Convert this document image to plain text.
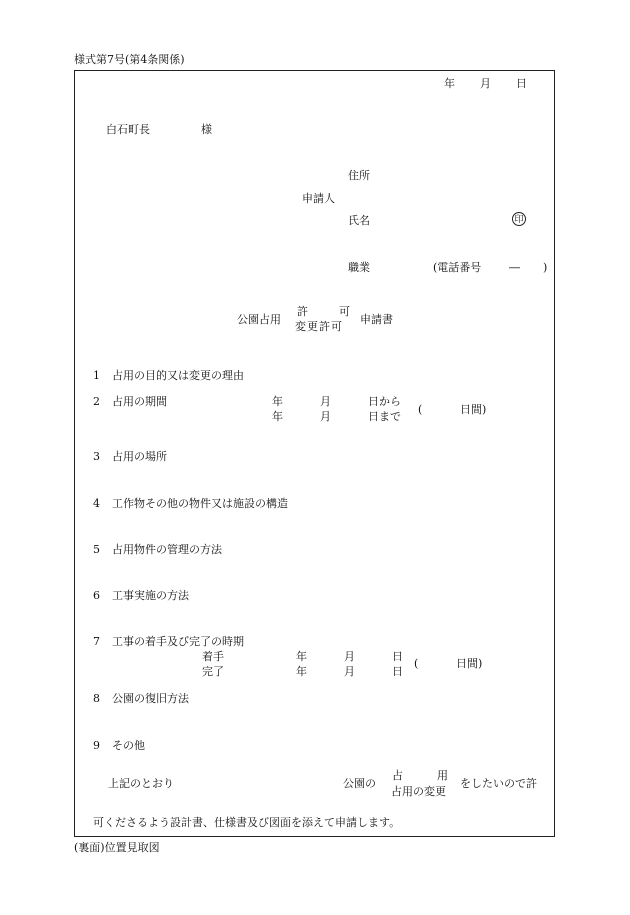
様式第7号(第4条関係)
年 月 日
白石町長	様
住所
申請人
氏名	印
職業	(電話番号	― )
公園占用
許	可
変更許可
申請書
1 占用の目的又は変更の理由
2 占用の期間	年	月	日から
年	月	日まで
(	日間)
3 占用の場所
4 工作物その他の物件又は施設の構造
5 占用物件の管理の方法
6 工事実施の方法
7 工事の着手及び完了の時期
着手	年	月	日
完了	年	月	日
(	日間)
8 公園の復旧方法
9 その他
上記のとおり	公園の
占	用
占用の変更
をしたいので許
可くださるよう設計書、仕様書及び図面を添えて申請します。
(裏面)位置見取図
